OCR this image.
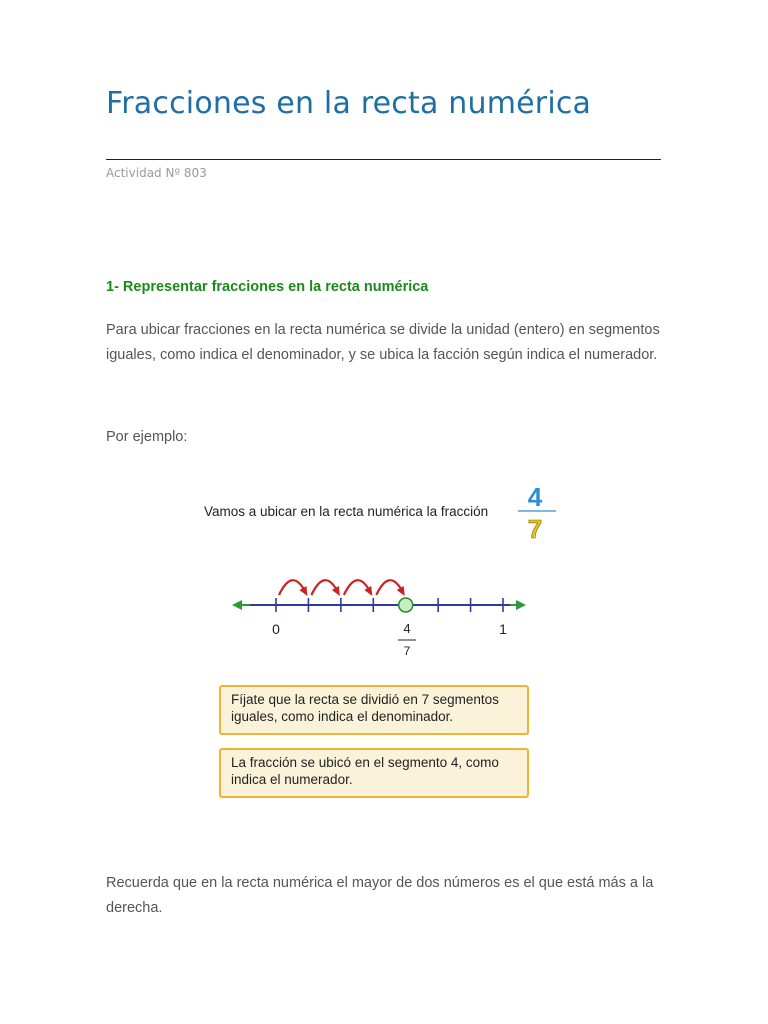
Fracciones en la recta numérica
Actividad Nº 803
1- Representar fracciones en la recta numérica

Para ubicar fracciones en la recta numérica se divide la unidad (entero) en segmentos
iguales, como indica el denominador, y se ubica la facción según indica el numerador.

Por ejemplo:

Vamos a ubicar en la recta numérica la fracción 4
7
0	1
4
7
Fíjate que la recta se dividió en 7 segmentos
iguales, como indica el denominador.
La fracción se ubicó en el segmento 4, como
indica el numerador.

Recuerda que en la recta numérica el mayor de dos números es el que está más a la
derecha.
